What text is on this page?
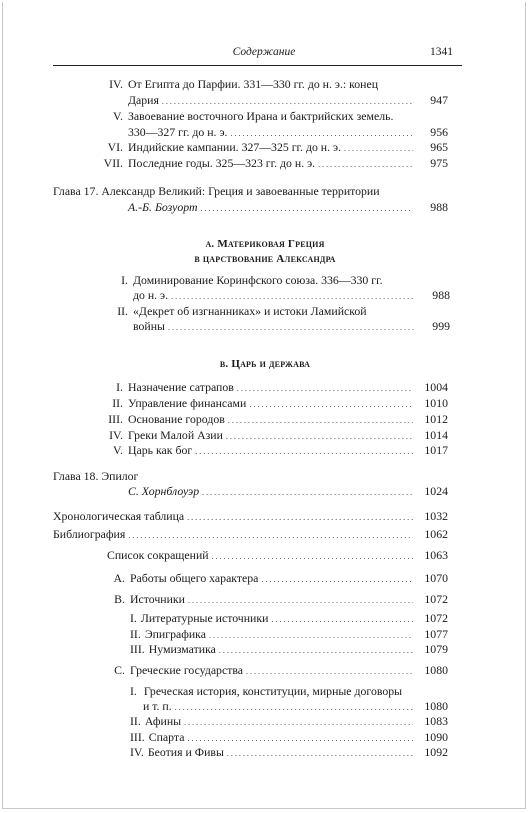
Содержание	1341
IV. От Египта до Парфии. 331—330 гг. до н. э.: конец
Дария . . .	947
V. Завоевание восточного Ирана и бактрийских земель.
330—327 гг. до н. э. . . .	956
VI. Индийские кампании. 327—325 гг. до н. э. . . .	965
VII. Последние годы. 325—323 гг. до н. э. . . .	975
Глава 17. Александр Великий: Греция и завоеванные территории
А.-Б. Бозуорт . . .	988
a. Материковая Греция
в царствование Александра
I. Доминирование Коринфского союза. 336—330 гг.
до н. э. . . .	988
II. «Декрет об изгнанниках» и истоки Ламийской
войны . . .	999
b. Царь и держава
I. Назначение сатрапов . . .	1004
II. Управление финансами . . .	1010
III. Основание городов . . .	1012
IV. Греки Малой Азии . . .	1014
V. Царь как бог . . .	1017
Глава 18. Эпилог
С. Хорнблоуэр . . .	1024
Хронологическая таблица . . .	1032
Библиография . . .	1062
Список сокращений . . .	1063
A. Работы общего характера . . .	1070
B. Источники . . .	1072
I. Литературные источники . . .	1072
II. Эпиграфика . . .	1077
III. Нумизматика . . .	1079
C. Греческие государства . . .	1080
I. Греческая история, конституции, мирные договоры
и т. п. . . .	1080
II. Афины . . .	1083
III. Спарта . . .	1090
IV. Беотия и Фивы . . .	1092
